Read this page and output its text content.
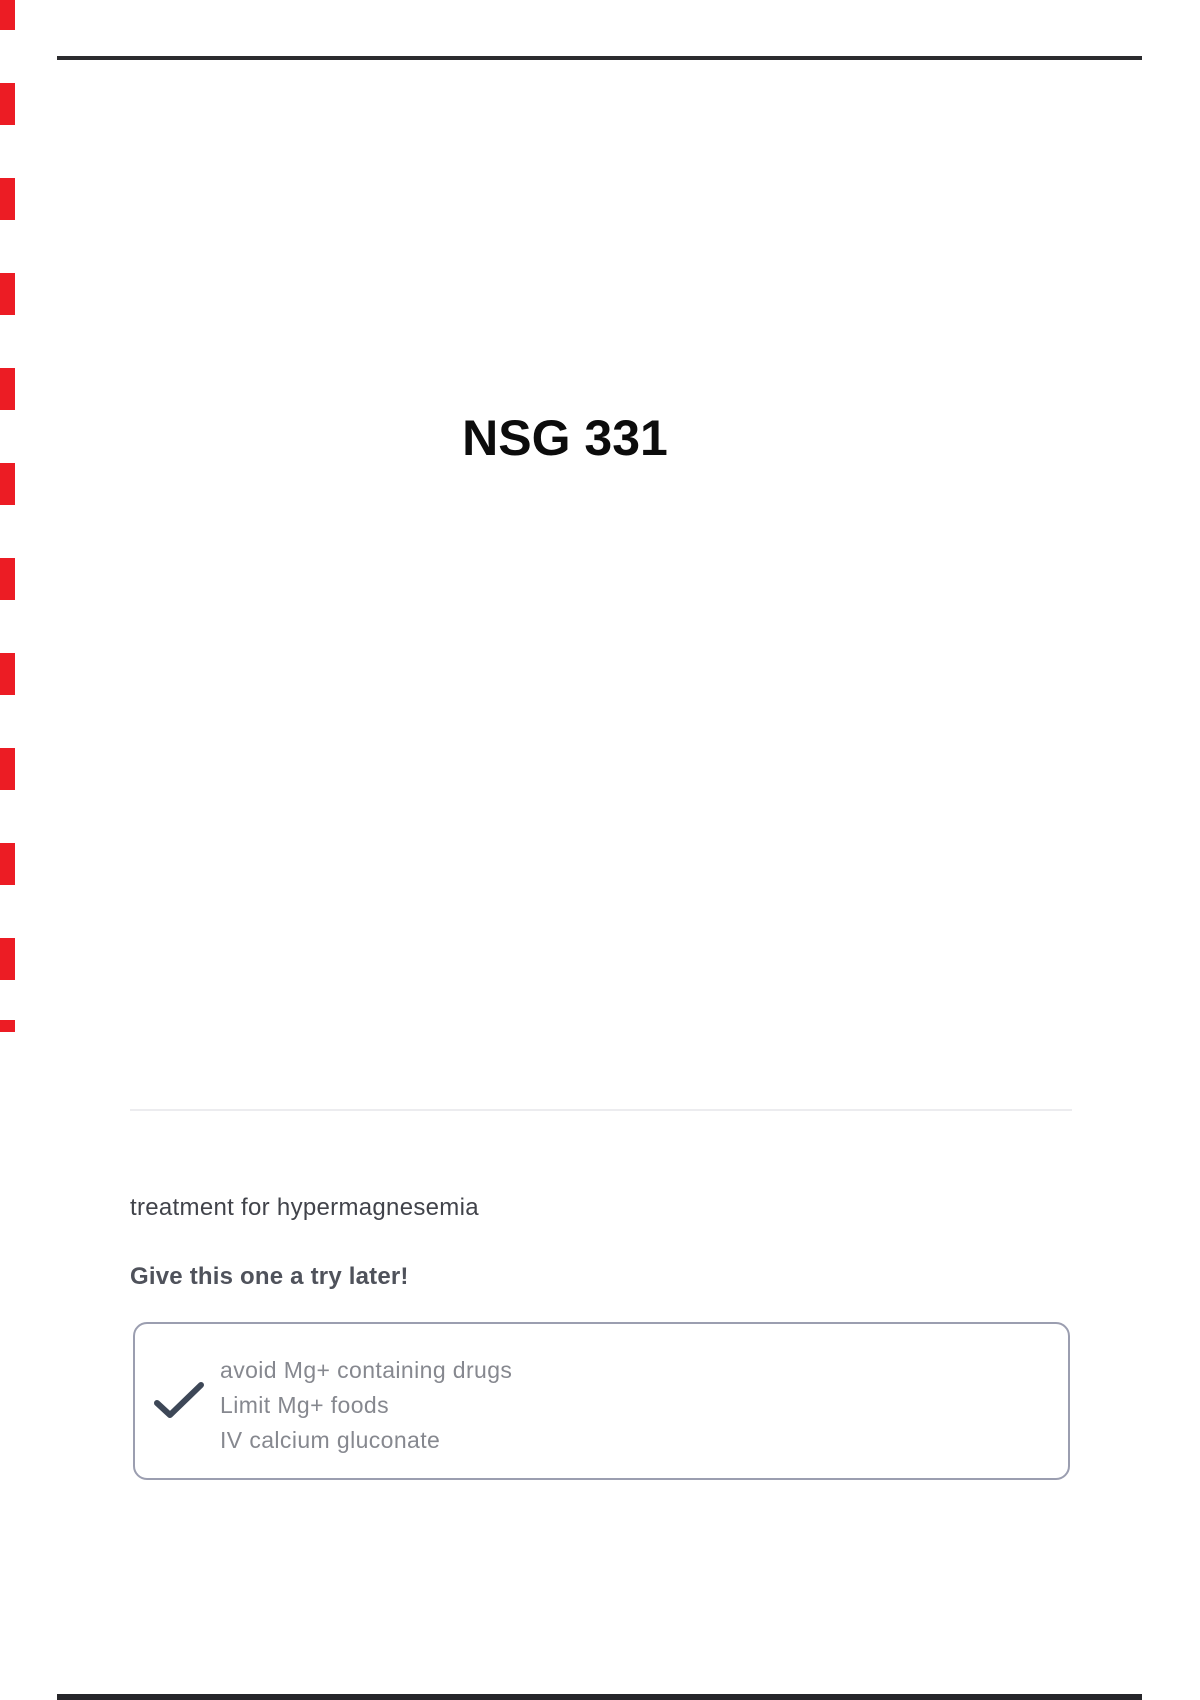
NSG 331
treatment for hypermagnesemia
Give this one a try later!
avoid Mg+ containing drugs
Limit Mg+ foods
IV calcium gluconate
